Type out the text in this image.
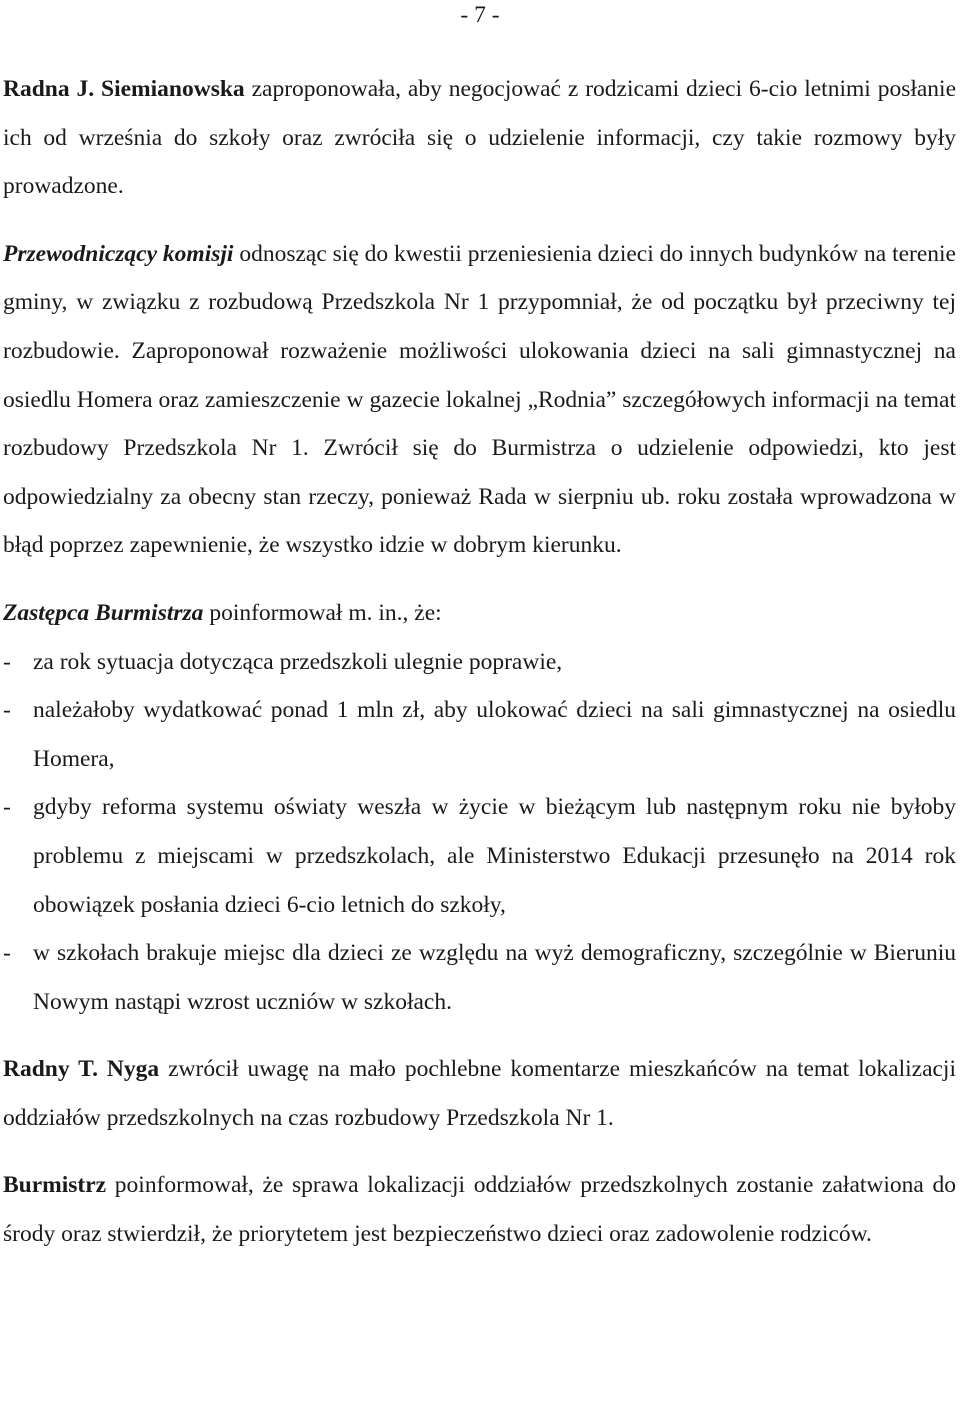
- 7 -

Radna J. Siemianowska zaproponowała, aby negocjować z rodzicami dzieci 6-cio letnimi posłanie ich od września do szkoły oraz zwróciła się o udzielenie informacji, czy takie rozmowy były prowadzone.

Przewodniczący komisji odnosząc się do kwestii przeniesienia dzieci do innych budynków na terenie gminy, w związku z rozbudową Przedszkola Nr 1 przypomniał, że od początku był przeciwny tej rozbudowie. Zaproponował rozważenie możliwości ulokowania dzieci na sali gimnastycznej na osiedlu Homera oraz zamieszczenie w gazecie lokalnej „Rodnia” szczegółowych informacji na temat rozbudowy Przedszkola Nr 1. Zwrócił się do Burmistrza o udzielenie odpowiedzi, kto jest odpowiedzialny za obecny stan rzeczy, ponieważ Rada w sierpniu ub. roku została wprowadzona w błąd poprzez zapewnienie, że wszystko idzie w dobrym kierunku.

Zastępca Burmistrza poinformował m. in., że:

- za rok sytuacja dotycząca przedszkoli ulegnie poprawie,
- należałoby wydatkować ponad 1 mln zł, aby ulokować dzieci na sali gimnastycznej na osiedlu Homera,
- gdyby reforma systemu oświaty weszła w życie w bieżącym lub następnym roku nie byłoby problemu z miejscami w przedszkolach, ale Ministerstwo Edukacji przesunęło na 2014 rok obowiązek posłania dzieci 6-cio letnich do szkoły,
- w szkołach brakuje miejsc dla dzieci ze względu na wyż demograficzny, szczególnie w Bieruniu Nowym nastąpi wzrost uczniów w szkołach.

Radny T. Nyga zwrócił uwagę na mało pochlebne komentarze mieszkańców na temat lokalizacji oddziałów przedszkolnych na czas rozbudowy Przedszkola Nr 1.

Burmistrz poinformował, że sprawa lokalizacji oddziałów przedszkolnych zostanie załatwiona do środy oraz stwierdził, że priorytetem jest bezpieczeństwo dzieci oraz zadowolenie rodziców.
